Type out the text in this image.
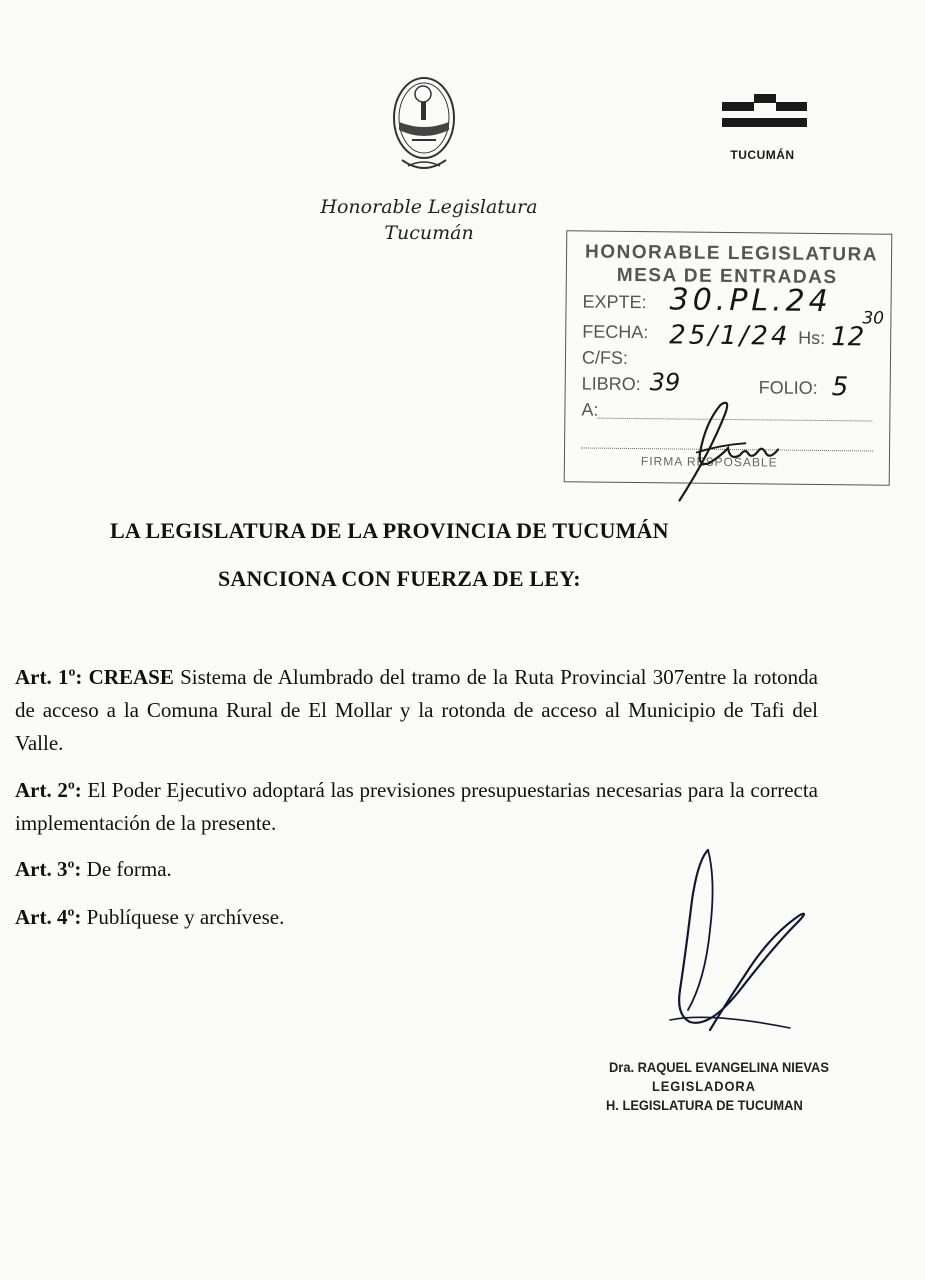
Honorable Legislatura
Tucumán
TUCUMÁN
HONORABLE LEGISLATURA
MESA DE ENTRADAS
EXPTE: 30.PL.24
FECHA: 25/1/24 Hs: 12
30
C/FS:
LIBRO: 39	FOLIO: 5
A:
FIRMA RESPOSABLE
LA LEGISLATURA DE LA PROVINCIA DE TUCUMÁN
SANCIONA CON FUERZA DE LEY:
Art. 1º: CREASE Sistema de Alumbrado del tramo de la Ruta Provincial 307entre la rotonda de acceso a la Comuna Rural de El Mollar y la rotonda de acceso al Municipio de Tafi del Valle.
Art. 2º: El Poder Ejecutivo adoptará las previsiones presupuestarias necesarias para la correcta implementación de la presente.
Art. 3º: De forma.
Art. 4º: Publíquese y archívese.
Dra. RAQUEL EVANGELINA NIEVAS
LEGISLADORA
H. LEGISLATURA DE TUCUMAN
